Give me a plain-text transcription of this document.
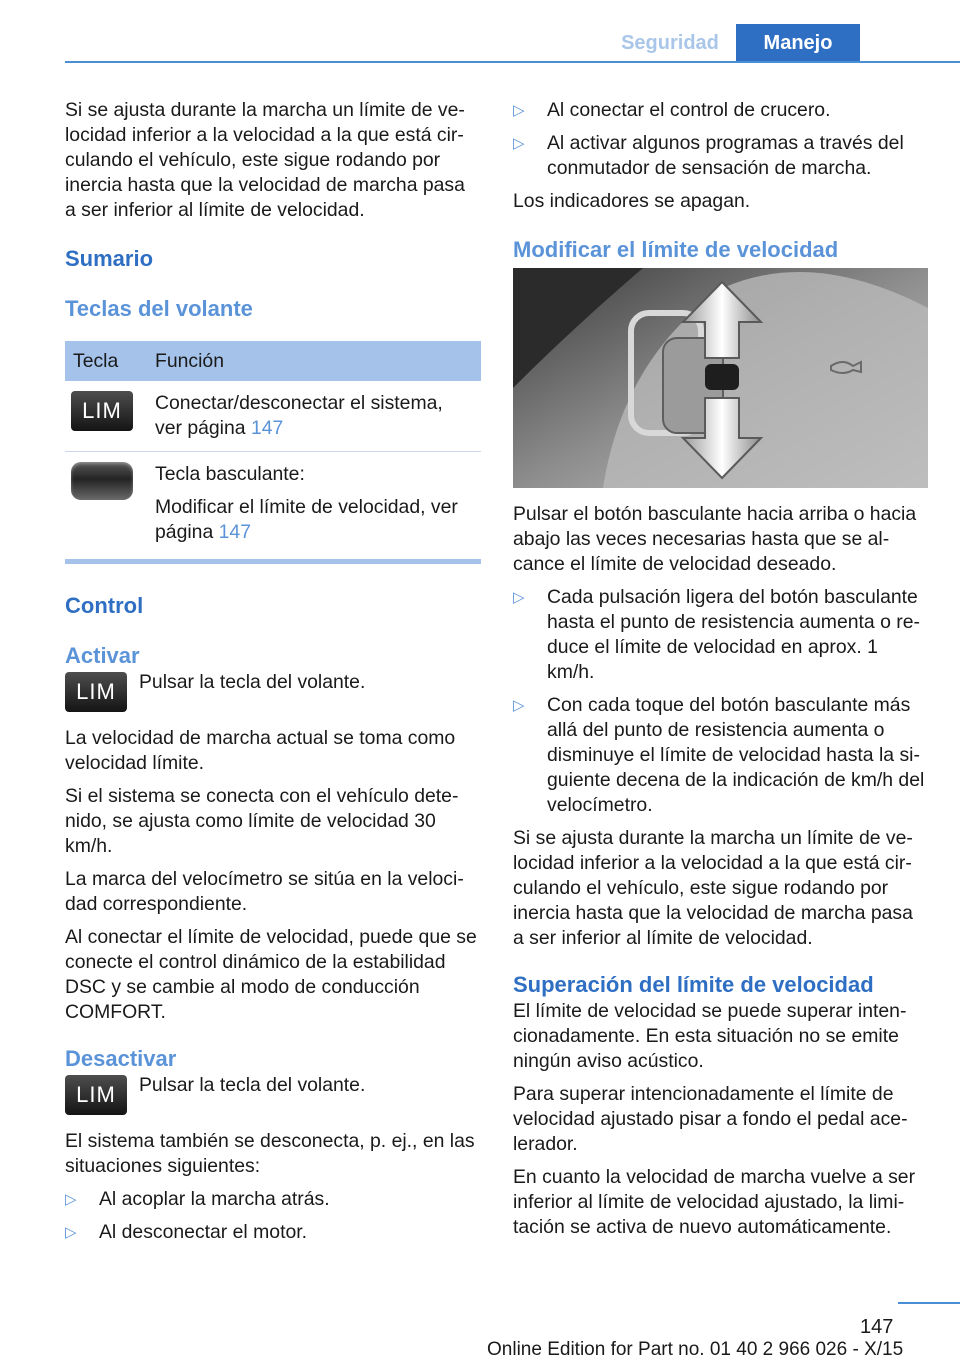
Seguridad	Manejo

Si se ajusta durante la marcha un límite de velocidad inferior a la velocidad a la que está circulando el vehículo, este sigue rodando por inercia hasta que la velocidad de marcha pasa a ser inferior al límite de velocidad.

Sumario
Teclas del volante
Tecla	Función
LIM	Conectar/desconectar el sistema, ver página 147

	Tecla basculante:
Modificar el límite de velocidad, ver página 147
Control
Activar
LIM	Pulsar la tecla del volante.

La velocidad de marcha actual se toma como velocidad límite.

Si el sistema se conecta con el vehículo detenido, se ajusta como límite de velocidad 30 km/h.

La marca del velocímetro se sitúa en la velocidad correspondiente.

Al conectar el límite de velocidad, puede que se conecte el control dinámico de la estabilidad DSC y se cambie al modo de conducción COMFORT.

Desactivar
LIM	Pulsar la tecla del volante.

El sistema también se desconecta, p. ej., en las situaciones siguientes:

▷ Al acoplar la marcha atrás.
▷ Al desconectar el motor.
▷ Al conectar el control de crucero.
▷ Al activar algunos programas a través del conmutador de sensación de marcha.

Los indicadores se apagan.

Modificar el límite de velocidad

Pulsar el botón basculante hacia arriba o hacia abajo las veces necesarias hasta que se alcance el límite de velocidad deseado.

▷ Cada pulsación ligera del botón basculante hasta el punto de resistencia aumenta o reduce el límite de velocidad en aprox. 1 km/h.
▷ Con cada toque del botón basculante más allá del punto de resistencia aumenta o disminuye el límite de velocidad hasta la siguiente decena de la indicación de km/h del velocímetro.

Si se ajusta durante la marcha un límite de velocidad inferior a la velocidad a la que está circulando el vehículo, este sigue rodando por inercia hasta que la velocidad de marcha pasa a ser inferior al límite de velocidad.

Superación del límite de velocidad

El límite de velocidad se puede superar intencionadamente. En esta situación no se emite ningún aviso acústico.

Para superar intencionadamente el límite de velocidad ajustado pisar a fondo el pedal acelerador.

En cuanto la velocidad de marcha vuelve a ser inferior al límite de velocidad ajustado, la limitación se activa de nuevo automáticamente.

147
Online Edition for Part no. 01 40 2 966 026 - X/15
